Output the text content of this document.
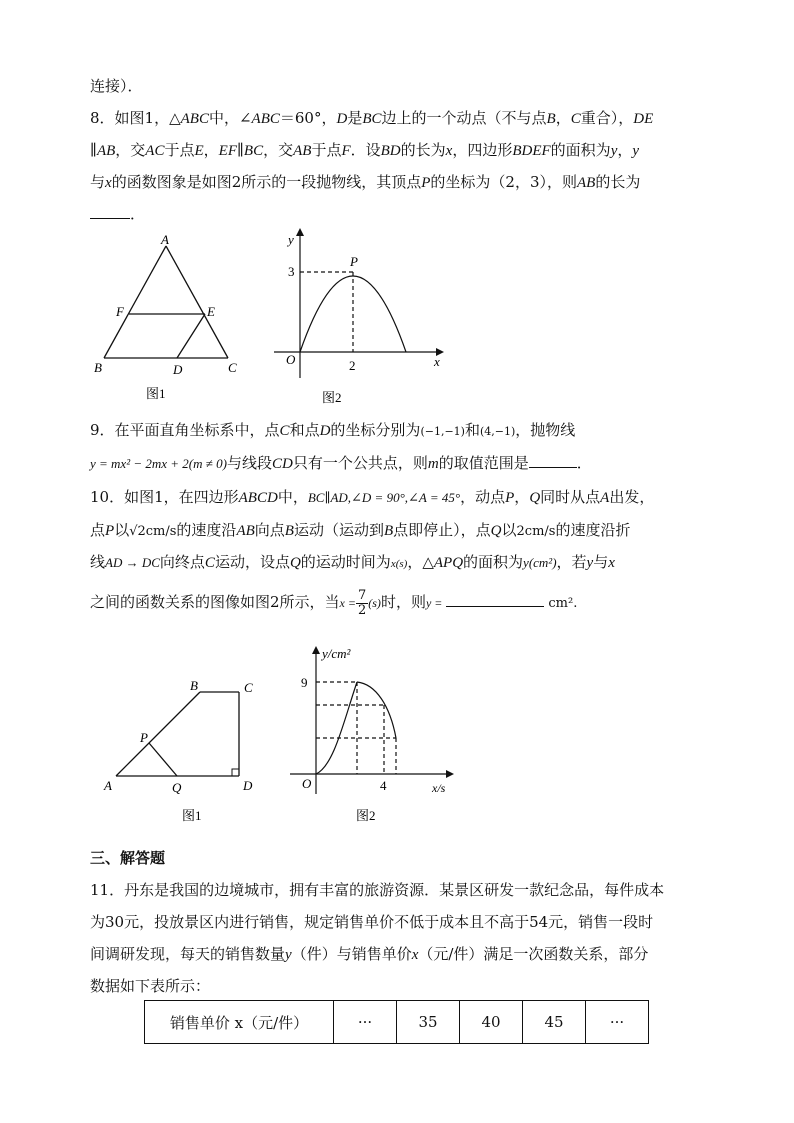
连接）．
8．如图1，△ABC中，∠ABC＝60°，D是BC边上的一个动点（不与点B，C重合），DE
∥AB，交AC于点E，EF∥BC，交AB于点F．设BD的长为x，四边形BDEF的面积为y，y
与x的函数图象是如图2所示的一段抛物线，其顶点P的坐标为（2，3），则AB的长为
．
A
B	C
D
E
F
图1
y
x
O
3
2
P
图2
9．在平面直角坐标系中，点C和点D的坐标分别为(−1,−1)和(4,−1)，抛物线
y = mx² − 2mx + 2(m ≠ 0)与线段CD只有一个公共点，则m的取值范围是	．
10．如图1，在四边形ABCD中，BC∥AD,∠D = 90°,∠A = 45°，动点P，Q同时从点A出发，
点P以√2cm/s的速度沿AB向点B运动（运动到B点即停止），点Q以2cm/s的速度沿折
线AD → DC向终点C运动，设点Q的运动时间为x(s)，△APQ的面积为y(cm²)，若y与x
之间的函数关系的图像如图2所示，当$x = \frac{7}{2} (s)$时，则y =	cm².
A
B	C
D
P
Q
图1
y/cm²
x/s
O
9
4
图2
三、解答题
11．丹东是我国的边境城市，拥有丰富的旅游资源．某景区研发一款纪念品，每件成本
为30元，投放景区内进行销售，规定销售单价不低于成本且不高于54元，销售一段时
间调研发现，每天的销售数量y（件）与销售单价x（元/件）满足一次函数关系，部分
数据如下表所示：
销售单价 x（元/件）	···	35	40	45	···
